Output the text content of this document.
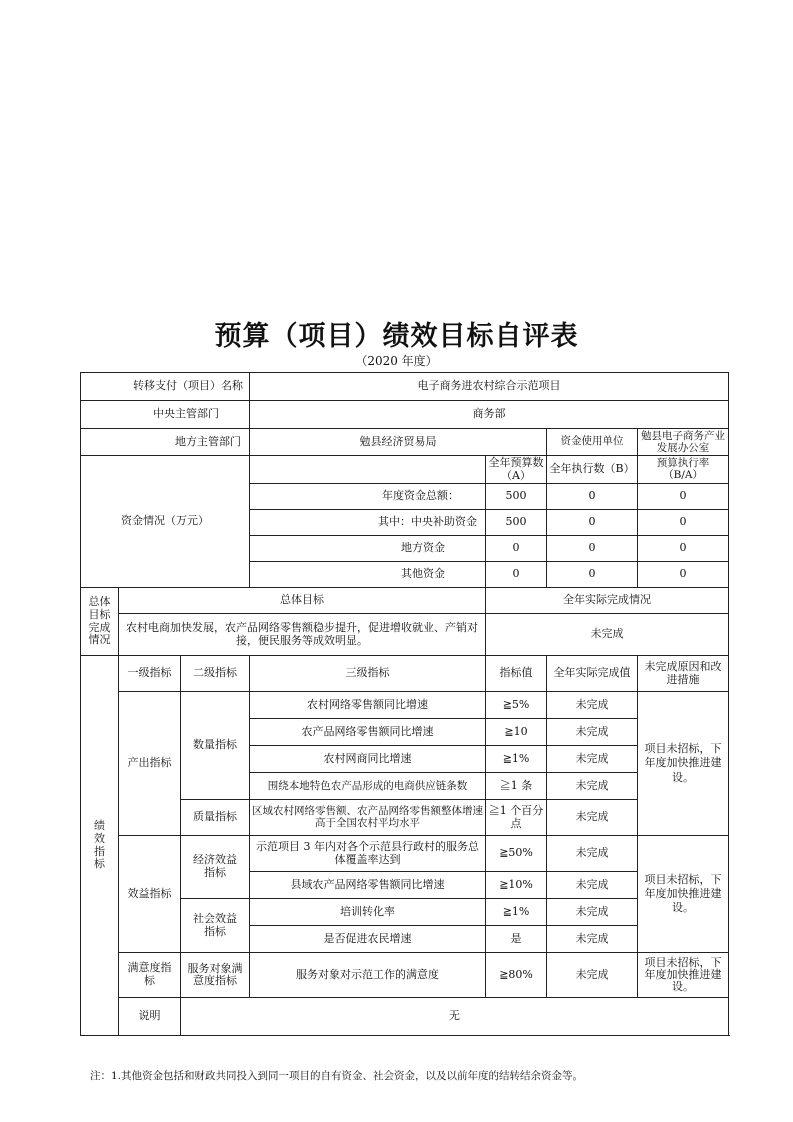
预算（项目）绩效目标自评表
（2020 年度）
转移支付（项目）名称			电子商务进农村综合示范项目			
中央主管部门			商务部			
地方主管部门			勉县经济贸易局		资金使用单位	勉县电子商务产业发展办公室
资金情况（万元）				全年预算数（A）	全年执行数（B）	预算执行率（B/A）
			年度资金总额：	500	0	0
			其中：中央补助资金	500	0	0
			地方资金	0	0	0
			其他资金	0	0	0
总体目标完成情况	总体目标			全年实际完成情况		
	农村电商加快发展，农产品网络零售额稳步提升，促进增收就业、产销对接，便民服务等成效明显。			未完成		
绩效指标	一级指标	二级指标	三级指标	指标值	全年实际完成值	未完成原因和改进措施
	产出指标	数量指标	农村网络零售额同比增速	≧5%	未完成	项目未招标，下年度加快推进建设。
			农产品网络零售额同比增速	≧10	未完成	
			农村网商同比增速	≧1%	未完成	
			围绕本地特色农产品形成的电商供应链条数	≧1 条	未完成	
		质量指标	区域农村网络零售额、农产品网络零售额整体增速高于全国农村平均水平	≧1 个百分点	未完成	
	效益指标	经济效益指标	示范项目 3 年内对各个示范县行政村的服务总体覆盖率达到	≧50%	未完成	项目未招标，下年度加快推进建设。
			县域农产品网络零售额同比增速	≧10%	未完成	
		社会效益指标	培训转化率	≧1%	未完成	
			是否促进农民增速	是	未完成	
	满意度指标	服务对象满意度指标	服务对象对示范工作的满意度	≧80%	未完成	项目未招标，下年度加快推进建设。
	说明	无				
注：1.其他资金包括和财政共同投入到同一项目的自有资金、社会资金，以及以前年度的结转结余资金等。
